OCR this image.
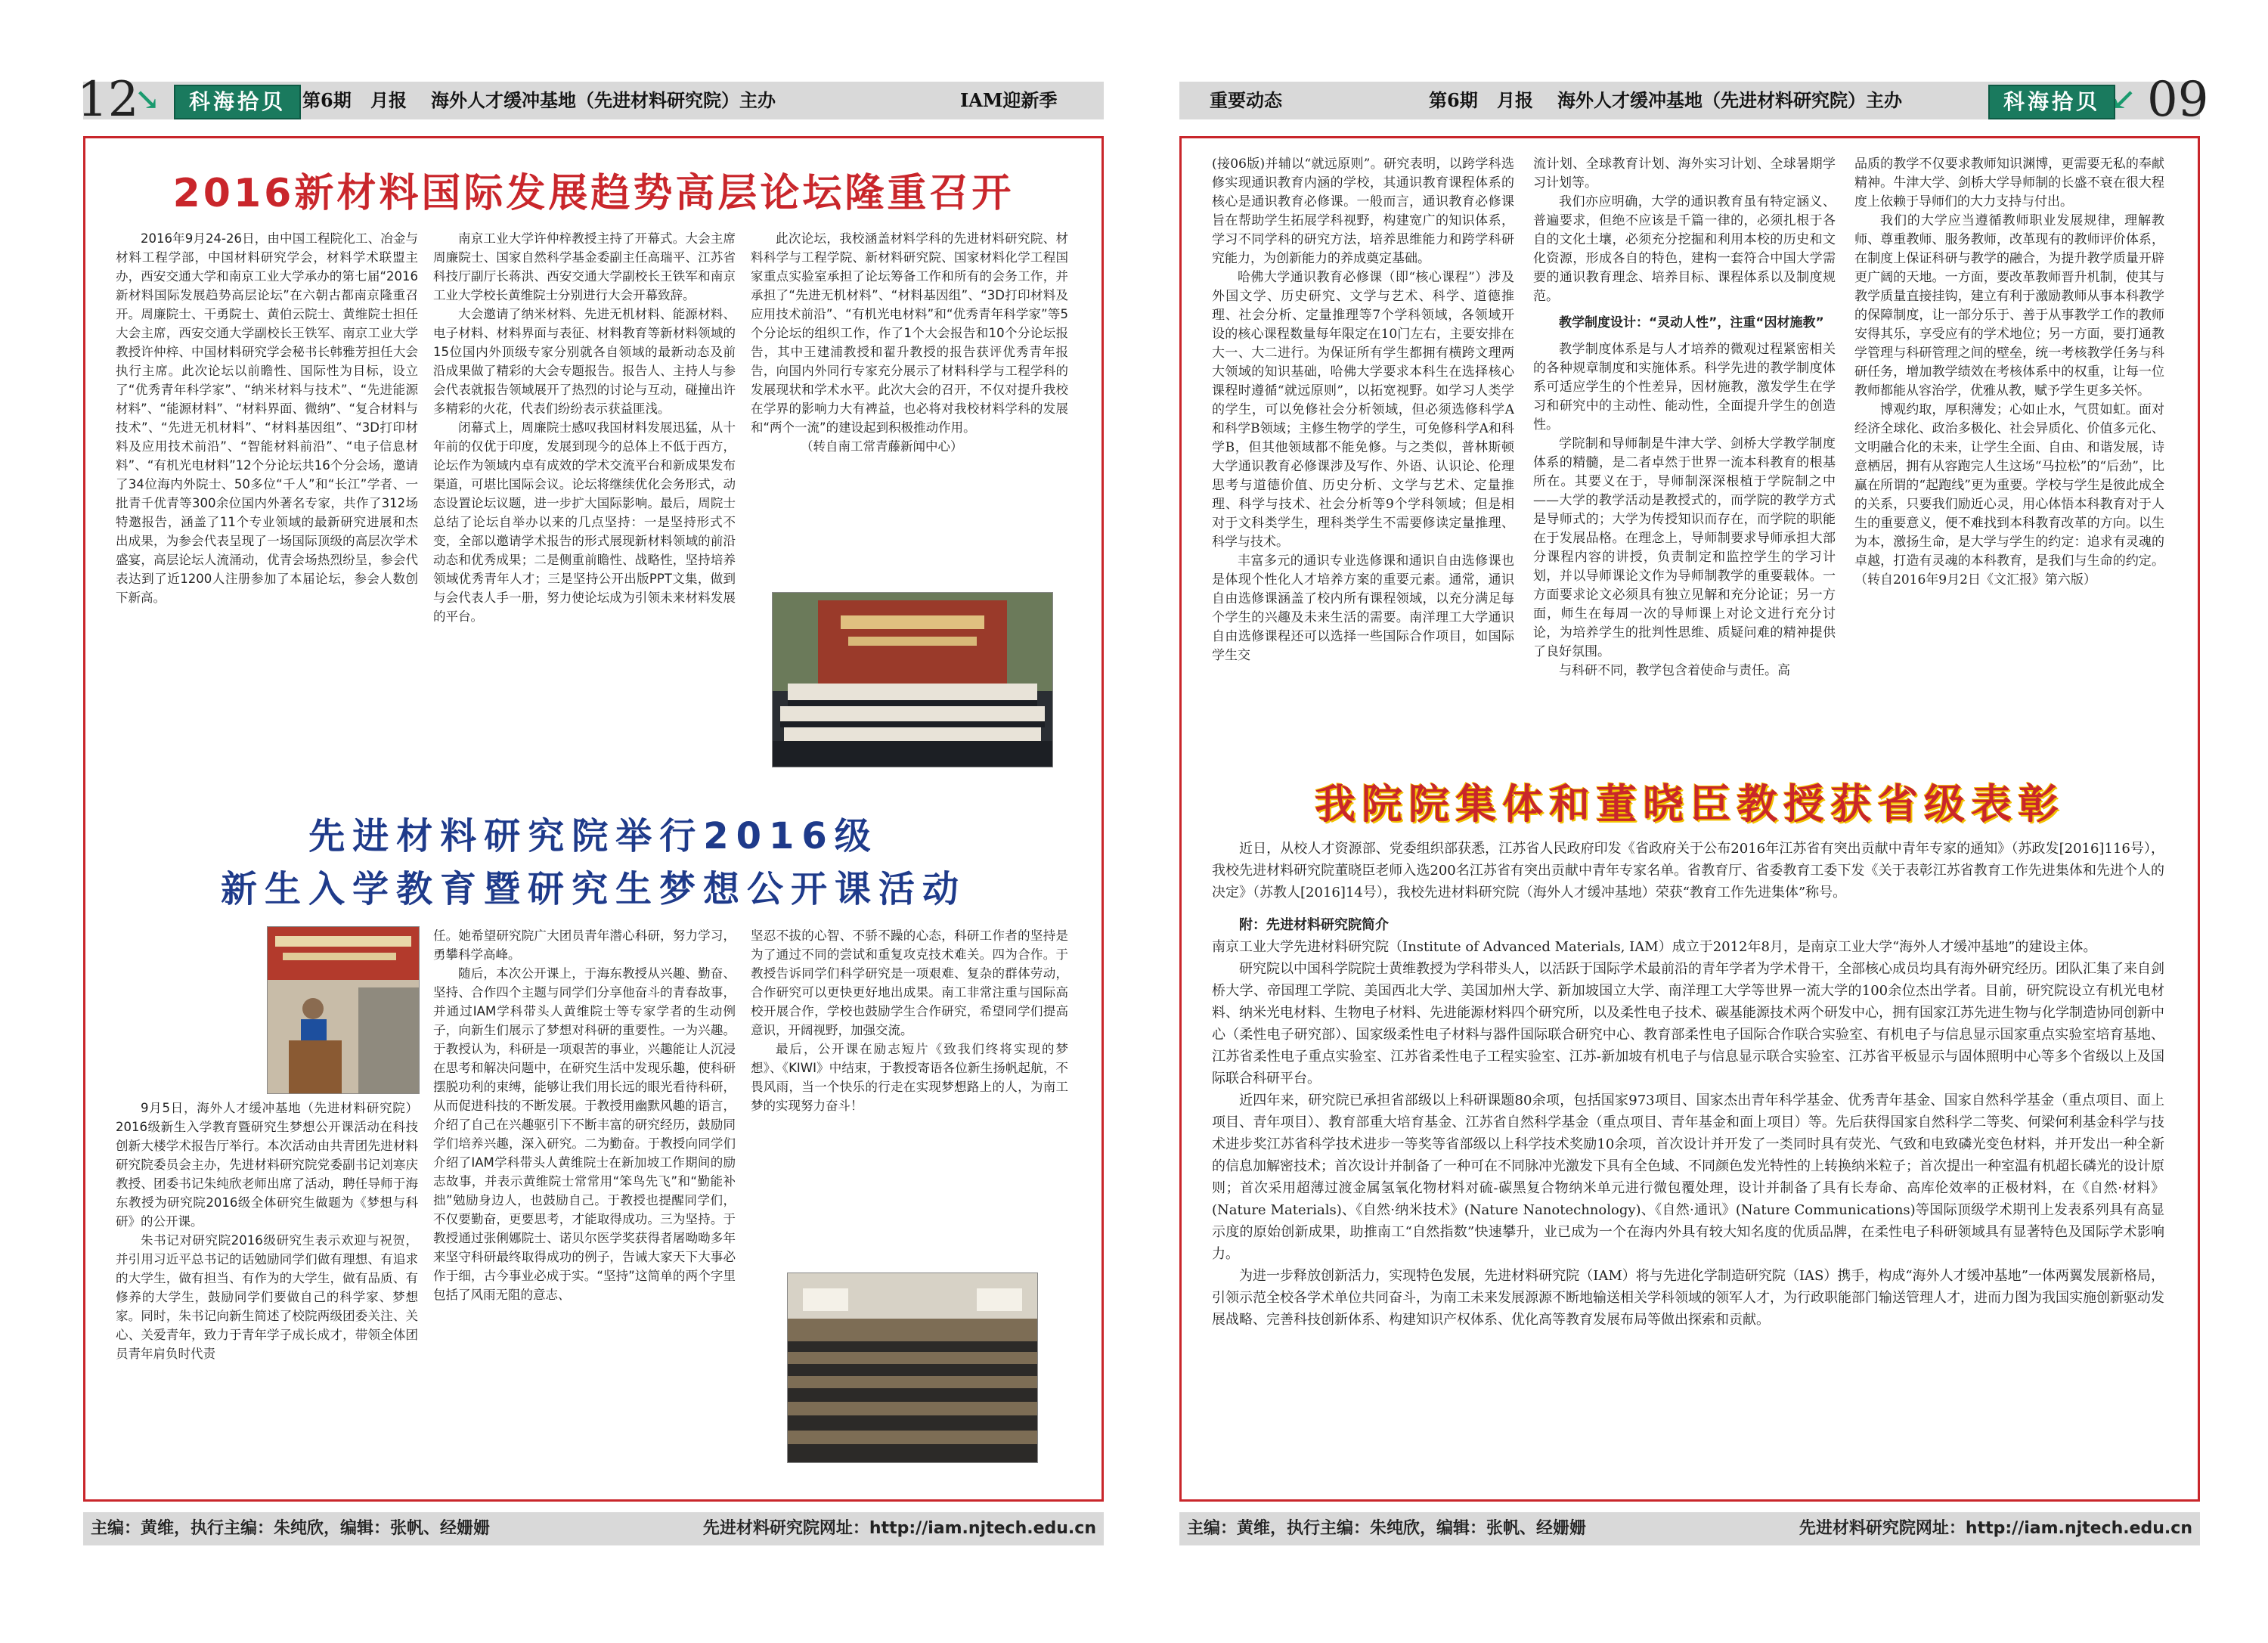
12
↘	科海拾贝 第6期 月报 海外人才缓冲基地（先进材料研究院）主办	IAM迎新季
2016新材料国际发展趋势高层论坛隆重召开

2016年9月24-26日，由中国工程院化工、冶金与材料工程学部，中国材料研究学会，材料学术联盟主办，西安交通大学和南京工业大学承办的第七届“2016新材料国际发展趋势高层论坛”在六朝古都南京隆重召开。周廉院士、干勇院士、黄伯云院士、黄维院士担任大会主席，西安交通大学副校长王铁军、南京工业大学教授许仲梓、中国材料研究学会秘书长韩雅芳担任大会执行主席。此次论坛以前瞻性、国际性为目标，设立了“优秀青年科学家”、“纳米材料与技术”、“先进能源材料”、“能源材料”、“材料界面、微纳”、“复合材料与技术”、“先进无机材料”、“材料基因组”、“3D打印材料及应用技术前沿”、“智能材料前沿”、“电子信息材料”、“有机光电材料”12个分论坛共16个分会场，邀请了34位海内外院士、50多位“千人”和“长江”学者、一批青千优青等300余位国内外著名专家，共作了312场特邀报告，涵盖了11个专业领域的最新研究进展和杰出成果，为参会代表呈现了一场国际顶级的高层次学术盛宴，高层论坛人流涌动，优青会场热烈纷呈，参会代表达到了近1200人注册参加了本届论坛，参会人数创下新高。

南京工业大学许仲梓教授主持了开幕式。大会主席周廉院士、国家自然科学基金委副主任高瑞平、江苏省科技厅副厅长蒋洪、西安交通大学副校长王铁军和南京工业大学校长黄维院士分别进行大会开幕致辞。

大会邀请了纳米材料、先进无机材料、能源材料、电子材料、材料界面与表征、材料教育等新材料领域的15位国内外顶级专家分别就各自领域的最新动态及前沿成果做了精彩的大会专题报告。报告人、主持人与参会代表就报告领域展开了热烈的讨论与互动，碰撞出许多精彩的火花，代表们纷纷表示获益匪浅。

闭幕式上，周廉院士感叹我国材料发展迅猛，从十年前的仅优于印度，发展到现今的总体上不低于西方，论坛作为领域内卓有成效的学术交流平台和新成果发布渠道，可堪比国际会议。论坛将继续优化会务形式，动态设置论坛议题，进一步扩大国际影响。最后，周院士总结了论坛自举办以来的几点坚持：一是坚持形式不变，全部以邀请学术报告的形式展现新材料领域的前沿动态和优秀成果；二是侧重前瞻性、战略性，坚持培养领域优秀青年人才；三是坚持公开出版PPT文集，做到与会代表人手一册，努力使论坛成为引领未来材料发展的平台。

此次论坛，我校涵盖材料学科的先进材料研究院、材料科学与工程学院、新材料研究院、国家材料化学工程国家重点实验室承担了论坛筹备工作和所有的会务工作，并承担了“先进无机材料”、“材料基因组”、“3D打印材料及应用技术前沿”、“有机光电材料”和“优秀青年科学家”等5个分论坛的组织工作，作了1个大会报告和10个分论坛报告，其中王建浦教授和翟升教授的报告获评优秀青年报告，向国内外同行专家充分展示了材料科学与工程学科的发展现状和学术水平。此次大会的召开，不仅对提升我校在学界的影响力大有裨益，也必将对我校材料学科的发展和“两个一流”的建设起到积极推动作用。

（转自南工常青藤新闻中心）

先进材料研究院举行2016级
新生入学教育暨研究生梦想公开课活动

9月5日，海外人才缓冲基地（先进材料研究院）2016级新生入学教育暨研究生梦想公开课活动在科技创新大楼学术报告厅举行。本次活动由共青团先进材料研究院委员会主办，先进材料研究院党委副书记刘寒庆教授、团委书记朱纯欣老师出席了活动，聘任导师于海东教授为研究院2016级全体研究生做题为《梦想与科研》的公开课。

朱书记对研究院2016级研究生表示欢迎与祝贺，并引用习近平总书记的话勉励同学们做有理想、有追求的大学生，做有担当、有作为的大学生，做有品质、有修养的大学生，鼓励同学们要做自己的科学家、梦想家。同时，朱书记向新生简述了校院两级团委关注、关心、关爱青年，致力于青年学子成长成才，带领全体团员青年肩负时代责

任。她希望研究院广大团员青年潜心科研，努力学习，勇攀科学高峰。

随后，本次公开课上，于海东教授从兴趣、勤奋、坚持、合作四个主题与同学们分享他奋斗的青春故事，并通过IAM学科带头人黄维院士等专家学者的生动例子，向新生们展示了梦想对科研的重要性。一为兴趣。于教授认为，科研是一项艰苦的事业，兴趣能让人沉浸在思考和解决问题中，在研究生活中发现乐趣，使科研摆脱功利的束缚，能够让我们用长远的眼光看待科研，从而促进科技的不断发展。于教授用幽默风趣的语言，介绍了自己在兴趣驱引下不断丰富的研究经历，鼓励同学们培养兴趣，深入研究。二为勤奋。于教授向同学们介绍了IAM学科带头人黄维院士在新加坡工作期间的励志故事，并表示黄维院士常常用“笨鸟先飞”和“勤能补拙”勉励身边人，也鼓励自己。于教授也提醒同学们，不仅要勤奋，更要思考，才能取得成功。三为坚持。于教授通过张俐娜院士、诺贝尔医学奖获得者屠呦呦多年来坚守科研最终取得成功的例子，告诫大家天下大事必作于细，古今事业必成于实。“坚持”这简单的两个字里包括了风雨无阻的意志、

坚忍不拔的心智、不骄不躁的心态，科研工作者的坚持是为了通过不同的尝试和重复攻克技术难关。四为合作。于教授告诉同学们科学研究是一项艰难、复杂的群体劳动，合作研究可以更快更好地出成果。南工非常注重与国际高校开展合作，学校也鼓励学生合作研究，希望同学们提高意识，开阔视野，加强交流。

最后，公开课在励志短片《致我们终将实现的梦想》、《KIWI》中结束，于教授寄语各位新生扬帆起航，不畏风雨，当一个快乐的行走在实现梦想路上的人，为南工梦的实现努力奋斗！

主编：黄维，执行主编：朱纯欣，编辑：张帆、经姗姗	先进材料研究院网址：http://iam.njtech.edu.cn
重要动态	第6期 月报 海外人才缓冲基地（先进材料研究院）主办	科海拾贝 ↙ 09

(接06版)并辅以“就远原则”。研究表明，以跨学科选修实现通识教育内涵的学校，其通识教育课程体系的核心是通识教育必修课。一般而言，通识教育必修课旨在帮助学生拓展学科视野，构建宽广的知识体系，学习不同学科的研究方法，培养思维能力和跨学科研究能力，为创新能力的养成奠定基础。

哈佛大学通识教育必修课（即“核心课程”）涉及外国文学、历史研究、文学与艺术、科学、道德推理、社会分析、定量推理等7个学科领域，各领域开设的核心课程数量每年限定在10门左右，主要安排在大一、大二进行。为保证所有学生都拥有横跨文理两大领域的知识基础，哈佛大学要求本科生在选择核心课程时遵循“就远原则”，以拓宽视野。如学习人类学的学生，可以免修社会分析领域，但必须选修科学A和科学B领域；主修生物学的学生，可免修科学A和科学B，但其他领域都不能免修。与之类似，普林斯顿大学通识教育必修课涉及写作、外语、认识论、伦理思考与道德价值、历史分析、文学与艺术、定量推理、科学与技术、社会分析等9个学科领域；但是相对于文科类学生，理科类学生不需要修读定量推理、科学与技术。

丰富多元的通识专业选修课和通识自由选修课也是体现个性化人才培养方案的重要元素。通常，通识自由选修课涵盖了校内所有课程领域，以充分满足每个学生的兴趣及未来生活的需要。南洋理工大学通识自由选修课程还可以选择一些国际合作项目，如国际学生交

流计划、全球教育计划、海外实习计划、全球暑期学习计划等。

我们亦应明确，大学的通识教育虽有特定涵义、普遍要求，但绝不应该是千篇一律的，必须扎根于各自的文化土壤，必须充分挖掘和利用本校的历史和文化资源，形成各自的特色，建构一套符合中国大学需要的通识教育理念、培养目标、课程体系以及制度规范。

教学制度设计：“灵动人性”，注重“因材施教”

教学制度体系是与人才培养的微观过程紧密相关的各种规章制度和实施体系。科学先进的教学制度体系可适应学生的个性差异，因材施教，激发学生在学习和研究中的主动性、能动性，全面提升学生的创造性。

学院制和导师制是牛津大学、剑桥大学教学制度体系的精髓，是二者卓然于世界一流本科教育的根基所在。其要义在于，导师制深深根植于学院制之中——大学的教学活动是教授式的，而学院的教学方式是导师式的；大学为传授知识而存在，而学院的职能在于发展品格。在理念上，导师制要求导师承担大部分课程内容的讲授，负责制定和监控学生的学习计划，并以导师课论文作为导师制教学的重要载体。一方面要求论文必须具有独立见解和充分论证；另一方面，师生在每周一次的导师课上对论文进行充分讨论，为培养学生的批判性思维、质疑问难的精神提供了良好氛围。

与科研不同，教学包含着使命与责任。高

品质的教学不仅要求教师知识渊博，更需要无私的奉献精神。牛津大学、剑桥大学导师制的长盛不衰在很大程度上依赖于导师们的大力支持与付出。

我们的大学应当遵循教师职业发展规律，理解教师、尊重教师、服务教师，改革现有的教师评价体系，在制度上保证科研与教学的融合，为提升教学质量开辟更广阔的天地。一方面，要改革教师晋升机制，使其与教学质量直接挂钩，建立有利于激励教师从事本科教学的保障制度，让一部分乐于、善于从事教学工作的教师安得其乐，享受应有的学术地位；另一方面，要打通教学管理与科研管理之间的壁垒，统一考核教学任务与科研任务，增加教学绩效在考核体系中的权重，让每一位教师都能从容治学，优雅从教，赋予学生更多关怀。

博观约取，厚积薄发；心如止水，气贯如虹。面对经济全球化、政治多极化、社会异质化、价值多元化、文明融合化的未来，让学生全面、自由、和谐发展，诗意栖居，拥有从容跑完人生这场“马拉松”的“后劲”，比赢在所谓的“起跑线”更为重要。学校与学生是彼此成全的关系，只要我们励近心灵，用心体悟本科教育对于人生的重要意义，便不难找到本科教育改革的方向。以生为本，激扬生命，是大学与学生的约定：追求有灵魂的卓越，打造有灵魂的本科教育，是我们与生命的约定。（转自2016年9月2日《文汇报》第六版）

我院院集体和董晓臣教授获省级表彰

近日，从校人才资源部、党委组织部获悉，江苏省人民政府印发《省政府关于公布2016年江苏省有突出贡献中青年专家的通知》（苏政发[2016]116号），我校先进材料研究院董晓臣老师入选200名江苏省有突出贡献中青年专家名单。省教育厅、省委教育工委下发《关于表彰江苏省教育工作先进集体和先进个人的决定》（苏教人[2016]14号），我校先进材料研究院（海外人才缓冲基地）荣获“教育工作先进集体”称号。

附：先进材料研究院简介

南京工业大学先进材料研究院（Institute of Advanced Materials, IAM）成立于2012年8月，是南京工业大学“海外人才缓冲基地”的建设主体。

研究院以中国科学院院士黄维教授为学科带头人，以活跃于国际学术最前沿的青年学者为学术骨干，全部核心成员均具有海外研究经历。团队汇集了来自剑桥大学、帝国理工学院、美国西北大学、美国加州大学、新加坡国立大学、南洋理工大学等世界一流大学的100余位杰出学者。目前，研究院设立有机光电材料、纳米光电材料、生物电子材料、先进能源材料四个研究所，以及柔性电子技术、碳基能源技术两个研发中心，拥有国家江苏先进生物与化学制造协同创新中心（柔性电子研究部）、国家级柔性电子材料与器件国际联合研究中心、教育部柔性电子国际合作联合实验室、有机电子与信息显示国家重点实验室培育基地、江苏省柔性电子重点实验室、江苏省柔性电子工程实验室、江苏-新加坡有机电子与信息显示联合实验室、江苏省平板显示与固体照明中心等多个省级以上及国际联合科研平台。

近四年来，研究院已承担省部级以上科研课题80余项，包括国家973项目、国家杰出青年科学基金、优秀青年基金、国家自然科学基金（重点项目、面上项目、青年项目）、教育部重大培育基金、江苏省自然科学基金（重点项目、青年基金和面上项目）等。先后获得国家自然科学二等奖、何梁何利基金科学与技术进步奖江苏省科学技术进步一等奖等省部级以上科学技术奖励10余项，首次设计并开发了一类同时具有荧光、气致和电致磷光变色材料，并开发出一种全新的信息加解密技术；首次设计并制备了一种可在不同脉冲光激发下具有全色域、不同颜色发光特性的上转换纳米粒子；首次提出一种室温有机超长磷光的设计原则；首次采用超薄过渡金属氢氧化物材料对硫-碳黑复合物纳米单元进行微包覆处理，设计并制备了具有长寿命、高库伦效率的正极材料，在《自然·材料》(Nature Materials)、《自然·纳米技术》(Nature Nanotechnology)、《自然·通讯》(Nature Communications)等国际顶级学术期刊上发表系列具有高显示度的原始创新成果，助推南工“自然指数”快速攀升，业已成为一个在海内外具有较大知名度的优质品牌，在柔性电子科研领域具有显著特色及国际学术影响力。

为进一步释放创新活力，实现特色发展，先进材料研究院（IAM）将与先进化学制造研究院（IAS）携手，构成“海外人才缓冲基地”一体两翼发展新格局，引领示范全校各学术单位共同奋斗，为南工未来发展源源不断地输送相关学科领域的领军人才，为行政职能部门输送管理人才，进而力图为我国实施创新驱动发展战略、完善科技创新体系、构建知识产权体系、优化高等教育发展布局等做出探索和贡献。

主编：黄维，执行主编：朱纯欣，编辑：张帆、经姗姗	先进材料研究院网址：http://iam.njtech.edu.cn
